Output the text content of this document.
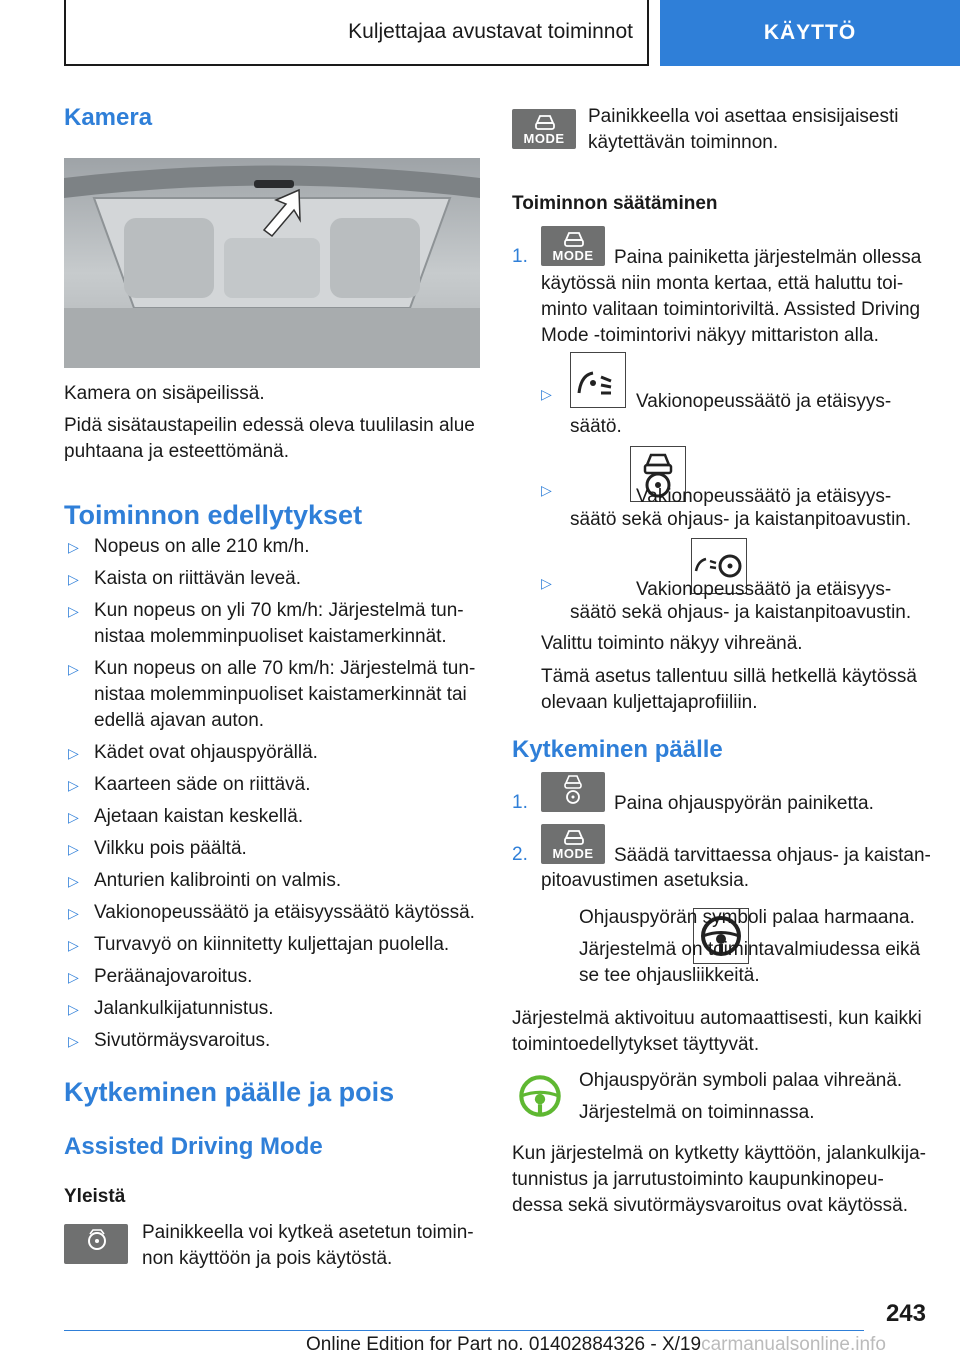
Kuljettajaa avustavat toiminnot	KÄYTTÖ
Kamera

Kamera on sisäpeilissä.

Pidä sisätaustapeilin edessä oleva tuulilasin alue

puhtaana ja esteettömänä.

Toiminnon edellytykset
▷ Nopeus on alle 210 km/h.
▷ Kaista on riittävän leveä.
▷ Kun nopeus on yli 70 km/h: Järjestelmä tun-
nistaa molemminpuoliset kaistamerkinnät.
▷ Kun nopeus on alle 70 km/h: Järjestelmä tun-
nistaa molemminpuoliset kaistamerkinnät tai
edellä ajavan auton.
▷ Kädet ovat ohjauspyörällä.
▷ Kaarteen säde on riittävä.
▷ Ajetaan kaistan keskellä.
▷ Vilkku pois päältä.
▷ Anturien kalibrointi on valmis.
▷ Vakionopeussäätö ja etäisyyssäätö käytössä.
▷ Turvavyö on kiinnitetty kuljettajan puolella.
▷ Peräänajovaroitus.
▷ Jalankulkijatunnistus.
▷ Sivutörmäysvaroitus.
Kytkeminen päälle ja pois
Assisted Driving Mode
Yleistä

Painikkeella voi kytkeä asetetun toimin-

non käyttöön ja pois käytöstä.

MODE

Painikkeella voi asettaa ensisijaisesti

käytettävän toiminnon.

Toiminnon säätäminen
1.	MODE	Paina painiketta järjestelmän ollessa

käytössä niin monta kertaa, että haluttu toi-

minto valitaan toimintoriviltä. Assisted Driving

Mode -toimintorivi näkyy mittariston alla.

▷
	Vakionopeussäätö ja etäisyys-

säätö.

▷
	Vakionopeussäätö ja etäisyys-

säätö sekä ohjaus- ja kaistanpitoavustin.

▷
	Vakionopeussäätö ja etäisyys-

säätö sekä ohjaus- ja kaistanpitoavustin.

Valittu toiminto näkyy vihreänä.

Tämä asetus tallentuu sillä hetkellä käytössä

olevaan kuljettajaprofiiliin.

Kytkeminen päälle
1.	Paina ohjauspyörän painiketta.

2.	MODE	Säädä tarvittaessa ohjaus- ja kaistan-

pitoavustimen asetuksia.

Ohjauspyörän symboli palaa harmaana.

Järjestelmä on toimintavalmiudessa eikä

se tee ohjausliikkeitä.

Järjestelmä aktivoituu automaattisesti, kun kaikki

toimintoedellytykset täyttyvät.

Ohjauspyörän symboli palaa vihreänä.

Järjestelmä on toiminnassa.

Kun järjestelmä on kytketty käyttöön, jalankulkija-

tunnistus ja jarrutustoiminto kaupunkinopeu-

dessa sekä sivutörmäysvaroitus ovat käytössä.

243
Online Edition for Part no. 01402884326 - X/19carmanualsonline.info
